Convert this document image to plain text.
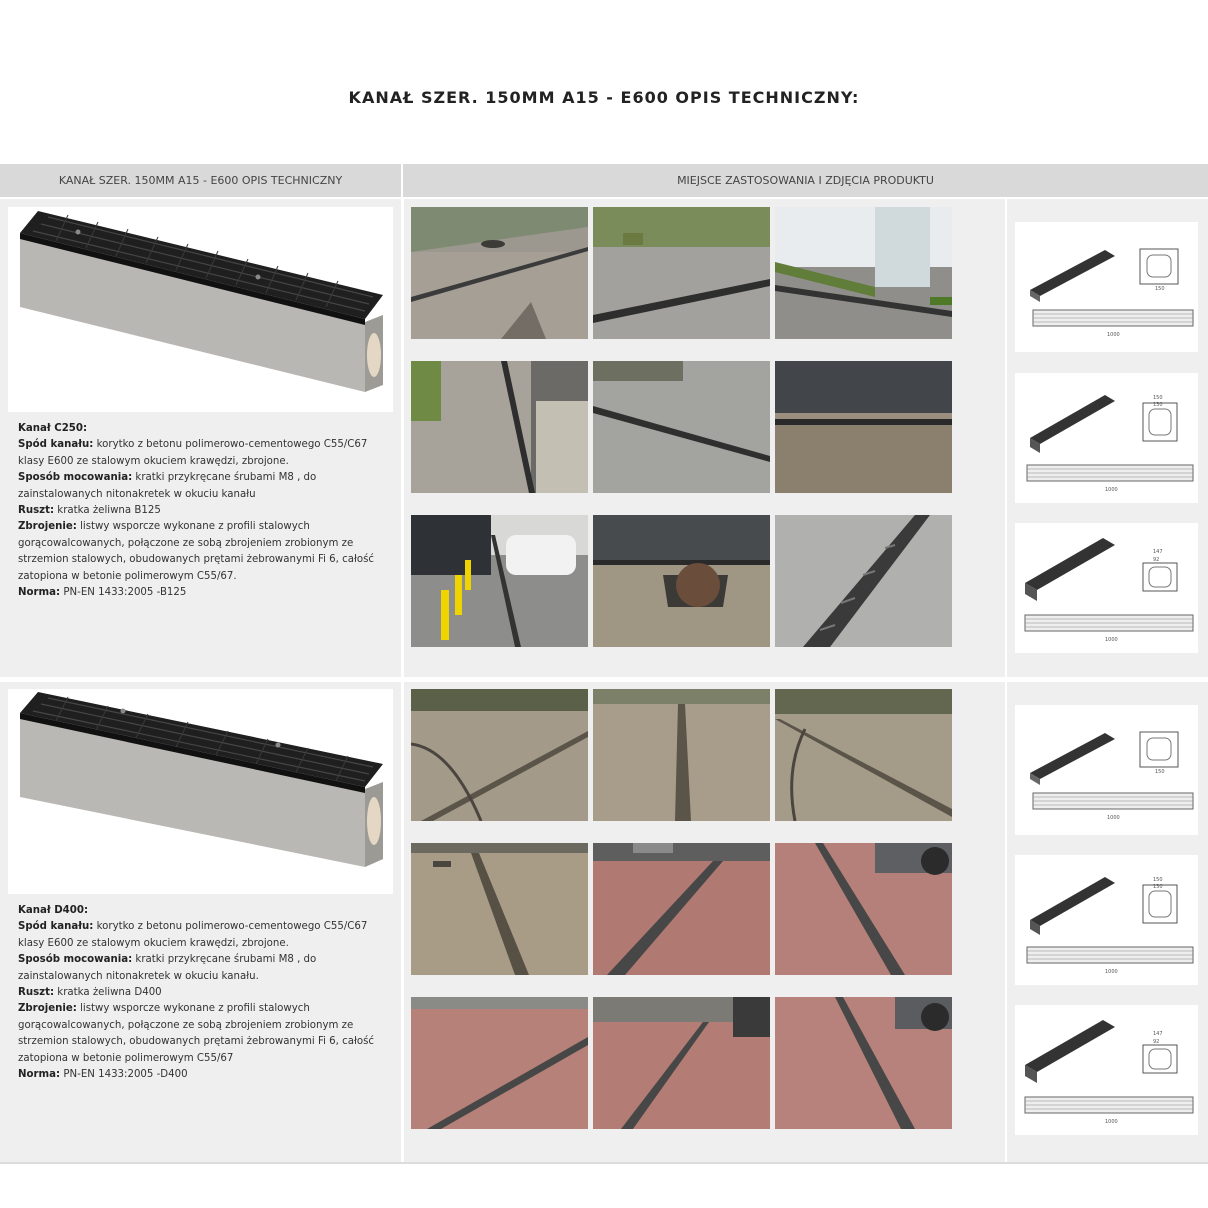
KANAŁ SZER. 150MM A15 - E600 OPIS TECHNICZNY:
KANAŁ SZER. 150MM A15 - E600 OPIS TECHNICZNY	MIEJSCE ZASTOSOWANIA I ZDJĘCIA PRODUKTU
Kanał C250:
Spód kanału: korytko z betonu polimerowo-cementowego C55/C67 klasy E600 ze stalowym okuciem krawędzi, zbrojone.
Sposób mocowania: kratki przykręcane śrubami M8 , do zainstalowanych nitonakretek w okuciu kanału
Ruszt: kratka żeliwna B125
Zbrojenie: listwy wsporcze wykonane z profili stalowych gorącowalcowanych, połączone ze sobą zbrojeniem zrobionym ze strzemion stalowych, obudowanych prętami żebrowanymi Fi 6, całość zatopiona w betonie polimerowym C55/67.
Norma: PN-EN 1433:2005 -B125
150
1000
150
130
1000
147
92
1000
Kanał D400:
Spód kanału: korytko z betonu polimerowo-cementowego C55/C67 klasy E600 ze stalowym okuciem krawędzi, zbrojone.
Sposób mocowania: kratki przykręcane śrubami M8 , do zainstalowanych nitonakretek w okuciu kanału.
Ruszt: kratka żeliwna D400
Zbrojenie: listwy wsporcze wykonane z profili stalowych gorącowalcowanych, połączone ze sobą zbrojeniem zrobionym ze strzemion stalowych, obudowanych prętami żebrowanymi Fi 6, całość zatopiona w betonie polimerowym C55/67
Norma: PN-EN 1433:2005 -D400
150
1000
150
130
1000
147
92
1000
